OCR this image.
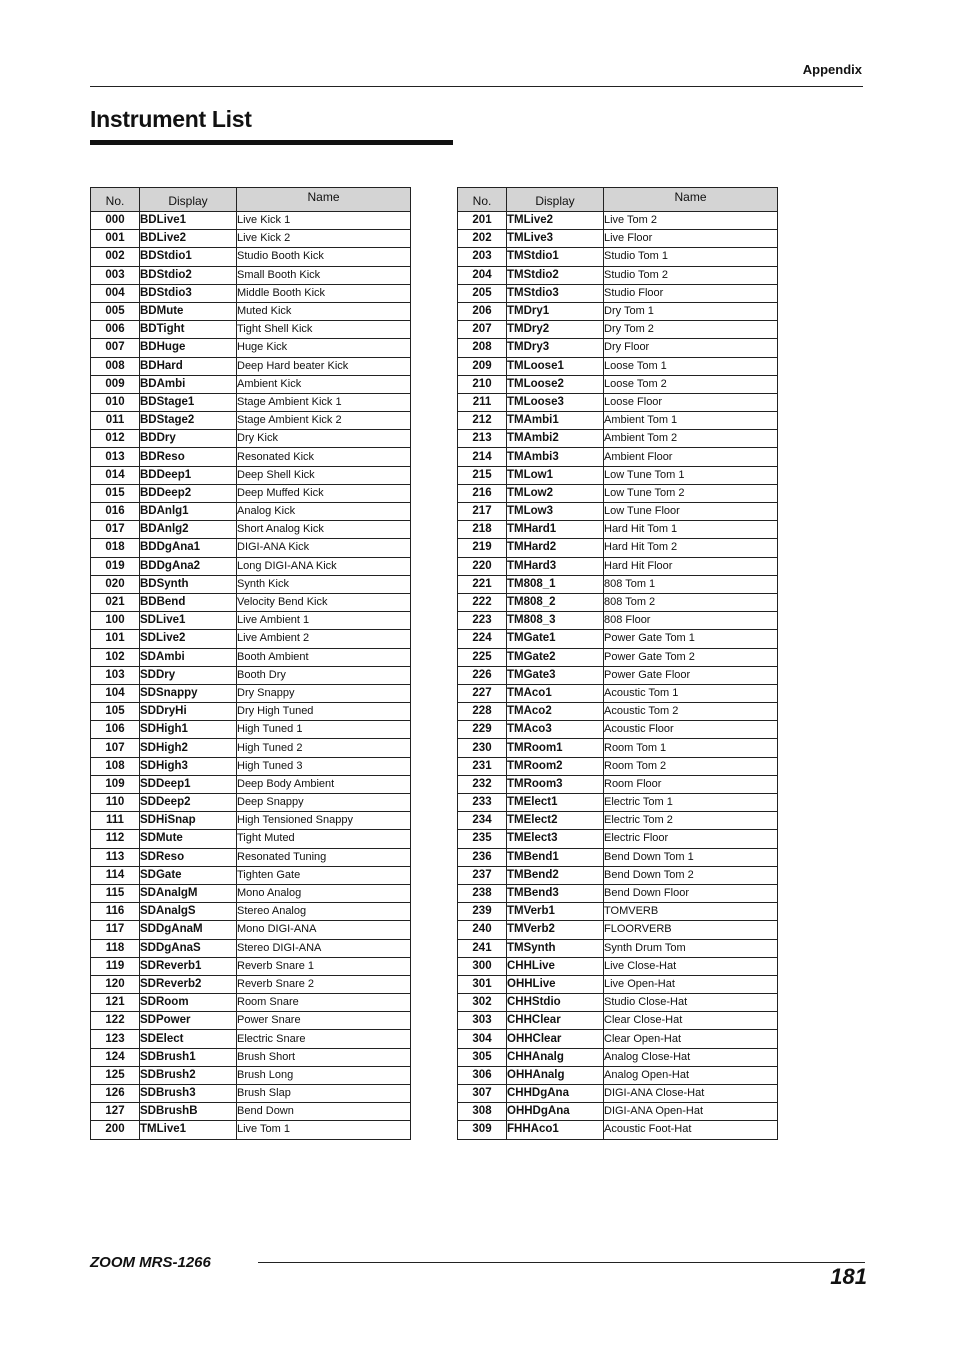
Appendix
Instrument List
No.	Display	Name
000	BDLive1	Live Kick 1
001	BDLive2	Live Kick 2
002	BDStdio1	Studio Booth Kick
003	BDStdio2	Small Booth Kick
004	BDStdio3	Middle Booth Kick
005	BDMute	Muted Kick
006	BDTight	Tight Shell Kick
007	BDHuge	Huge Kick
008	BDHard	Deep Hard beater Kick
009	BDAmbi	Ambient Kick
010	BDStage1	Stage Ambient Kick 1
011	BDStage2	Stage Ambient Kick 2
012	BDDry	Dry Kick
013	BDReso	Resonated Kick
014	BDDeep1	Deep Shell Kick
015	BDDeep2	Deep Muffed Kick
016	BDAnlg1	Analog Kick
017	BDAnlg2	Short Analog Kick
018	BDDgAna1	DIGI-ANA Kick
019	BDDgAna2	Long DIGI-ANA Kick
020	BDSynth	Synth Kick
021	BDBend	Velocity Bend Kick
100	SDLive1	Live Ambient 1
101	SDLive2	Live Ambient 2
102	SDAmbi	Booth Ambient
103	SDDry	Booth Dry
104	SDSnappy	Dry Snappy
105	SDDryHi	Dry High Tuned
106	SDHigh1	High Tuned 1
107	SDHigh2	High Tuned 2
108	SDHigh3	High Tuned 3
109	SDDeep1	Deep Body Ambient
110	SDDeep2	Deep Snappy
111	SDHiSnap	High Tensioned Snappy
112	SDMute	Tight Muted
113	SDReso	Resonated Tuning
114	SDGate	Tighten Gate
115	SDAnalgM	Mono Analog
116	SDAnalgS	Stereo Analog
117	SDDgAnaM	Mono DIGI-ANA
118	SDDgAnaS	Stereo DIGI-ANA
119	SDReverb1	Reverb Snare 1
120	SDReverb2	Reverb Snare 2
121	SDRoom	Room Snare
122	SDPower	Power Snare
123	SDElect	Electric Snare
124	SDBrush1	Brush Short
125	SDBrush2	Brush Long
126	SDBrush3	Brush Slap
127	SDBrushB	Bend Down
200	TMLive1	Live Tom 1
No.	Display	Name
201	TMLive2	Live Tom 2
202	TMLive3	Live Floor
203	TMStdio1	Studio Tom 1
204	TMStdio2	Studio Tom 2
205	TMStdio3	Studio Floor
206	TMDry1	Dry Tom 1
207	TMDry2	Dry Tom 2
208	TMDry3	Dry Floor
209	TMLoose1	Loose Tom 1
210	TMLoose2	Loose Tom 2
211	TMLoose3	Loose Floor
212	TMAmbi1	Ambient Tom 1
213	TMAmbi2	Ambient Tom 2
214	TMAmbi3	Ambient Floor
215	TMLow1	Low Tune Tom 1
216	TMLow2	Low Tune Tom 2
217	TMLow3	Low Tune Floor
218	TMHard1	Hard Hit Tom 1
219	TMHard2	Hard Hit Tom 2
220	TMHard3	Hard Hit Floor
221	TM808_1	808 Tom 1
222	TM808_2	808 Tom 2
223	TM808_3	808 Floor
224	TMGate1	Power Gate Tom 1
225	TMGate2	Power Gate Tom 2
226	TMGate3	Power Gate Floor
227	TMAco1	Acoustic Tom 1
228	TMAco2	Acoustic Tom 2
229	TMAco3	Acoustic Floor
230	TMRoom1	Room Tom 1
231	TMRoom2	Room Tom 2
232	TMRoom3	Room Floor
233	TMElect1	Electric Tom 1
234	TMElect2	Electric Tom 2
235	TMElect3	Electric Floor
236	TMBend1	Bend Down Tom 1
237	TMBend2	Bend Down Tom 2
238	TMBend3	Bend Down Floor
239	TMVerb1	TOMVERB
240	TMVerb2	FLOORVERB
241	TMSynth	Synth Drum Tom
300	CHHLive	Live Close-Hat
301	OHHLive	Live Open-Hat
302	CHHStdio	Studio Close-Hat
303	CHHClear	Clear Close-Hat
304	OHHClear	Clear Open-Hat
305	CHHAnalg	Analog Close-Hat
306	OHHAnalg	Analog Open-Hat
307	CHHDgAna	DIGI-ANA Close-Hat
308	OHHDgAna	DIGI-ANA Open-Hat
309	FHHAco1	Acoustic Foot-Hat
ZOOM MRS-1266
181
